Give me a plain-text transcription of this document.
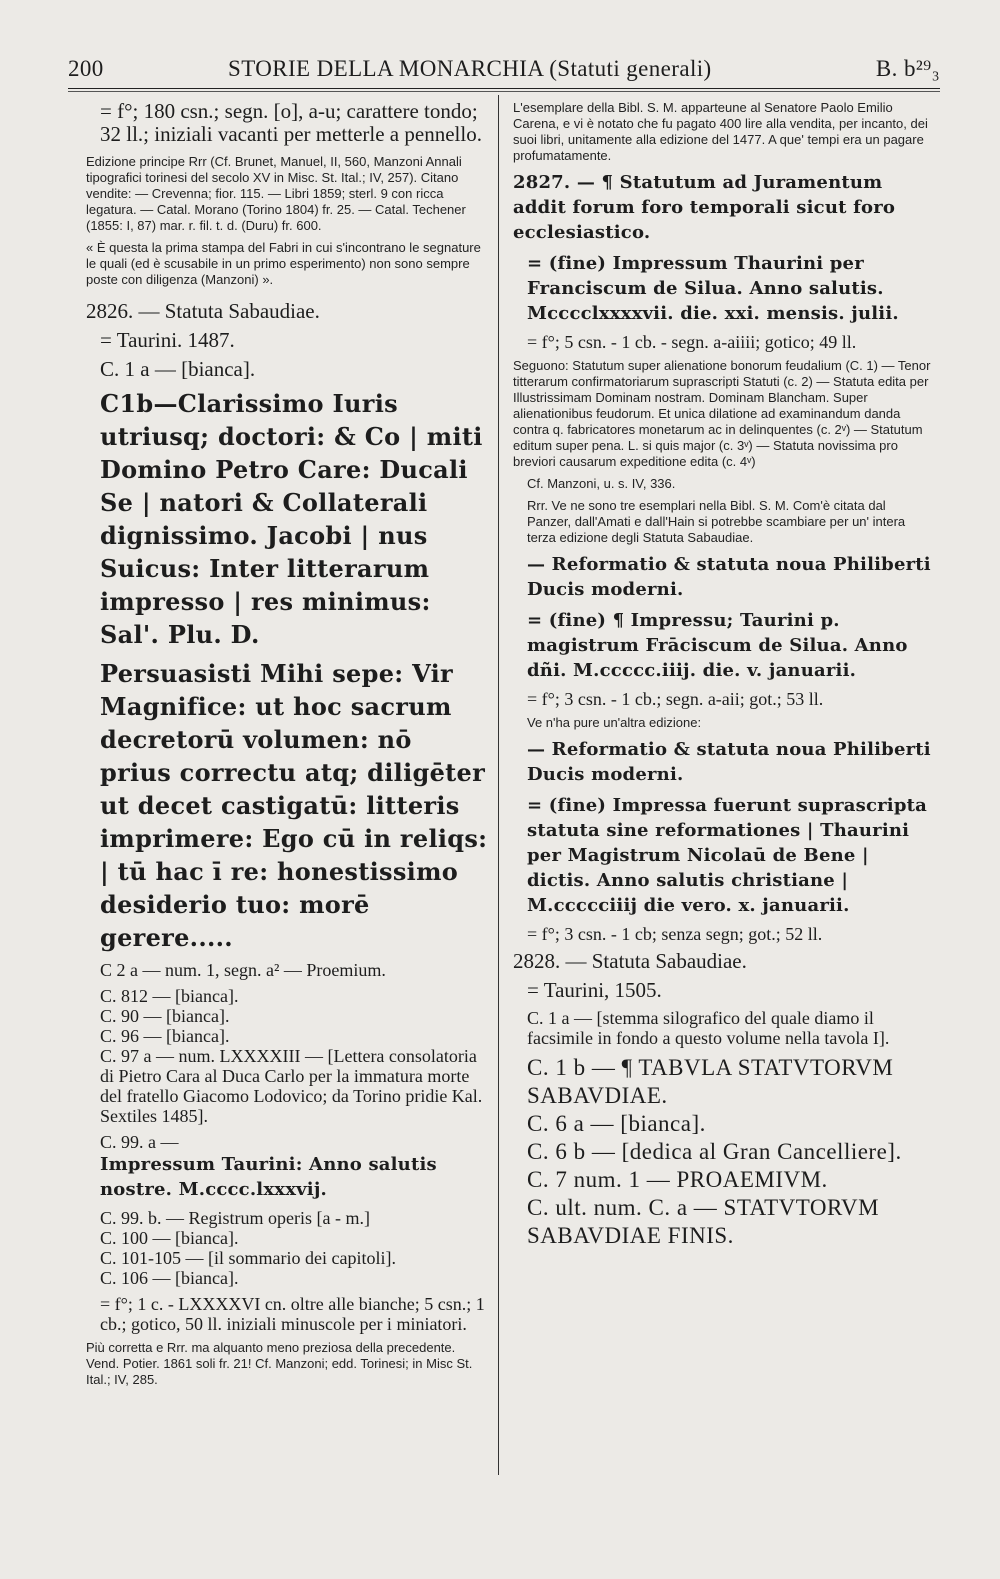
200	STORIE DELLA MONARCHIA (Statuti generali)	B. b²⁹₃

= f°; 180 csn.; segn. [o], a-u; carattere tondo; 32 ll.; iniziali vacanti per metterle a pennello.

Edizione principe Rrr (Cf. Brunet, Manuel, II, 560, Manzoni Annali tipografici torinesi del secolo XV in Misc. St. Ital.; IV, 257). Citano vendite: — Crevenna; fior. 115. — Libri 1859; sterl. 9 con ricca legatura. — Catal. Morano (Torino 1804) fr. 25. — Catal. Techener (1855: I, 87) mar. r. fil. t. d. (Duru) fr. 600.

« È questa la prima stampa del Fabri in cui s'incontrano le segnature le quali (ed è scusabile in un primo esperimento) non sono sempre poste con diligenza (Manzoni) ».

2826. — Statuta Sabaudiae.

= Taurini. 1487.

C. 1 a — [bianca].

C1b—Clarissimo Iuris utriusq; doctori: & Co | miti Domino Petro Care: Ducali Se | natori & Collaterali dignissimo. Jacobi | nus Suicus: Inter litterarum impresso | res minimus: Sal'. Plu. D.

Persuasisti Mihi sepe: Vir Magnifice: ut hoc sacrum decretorū volumen: nō prius correctu atq; diligēter ut decet castigatū: litteris imprimere: Ego cū in reliqs: | tū hac ī re: honestissimo desiderio tuo: morē gerere.....

C 2 a — num. 1, segn. a² — Proemium.

C. 812 — [bianca].

C. 90 — [bianca].

C. 96 — [bianca].

C. 97 a — num. LXXXXIII — [Lettera consolatoria di Pietro Cara al Duca Carlo per la immatura morte del fratello Giacomo Lodovico; da Torino pridie Kal. Sextiles 1485].

C. 99. a —

Impressum Taurini: Anno salutis nostre. M.cccc.lxxxvij.

C. 99. b. — Registrum operis [a - m.]

C. 100 — [bianca].

C. 101-105 — [il sommario dei capitoli].

C. 106 — [bianca].

= f°; 1 c. - LXXXXVI cn. oltre alle bianche; 5 csn.; 1 cb.; gotico, 50 ll. iniziali minuscole per i miniatori.

Più corretta e Rrr. ma alquanto meno preziosa della precedente. Vend. Potier. 1861 soli fr. 21! Cf. Manzoni; edd. Torinesi; in Misc St. Ital.; IV, 285.

L'esemplare della Bibl. S. M. apparteune al Senatore Paolo Emilio Carena, e vi è notato che fu pagato 400 lire alla vendita, per incanto, dei suoi libri, unitamente alla edizione del 1477. A que' tempi era un pagare profumatamente.

2827. — ¶ Statutum ad Juramentum addit forum foro temporali sicut foro ecclesiastico.

= (fine) Impressum Thaurini per Franciscum de Silua. Anno salutis. Mcccclxxxxvii. die. xxi. mensis. julii.

= f°; 5 csn. - 1 cb. - segn. a-aiiii; gotico; 49 ll.

Seguono: Statutum super alienatione bonorum feudalium (C. 1) — Tenor titterarum confirmatoriarum suprascripti Statuti (c. 2) — Statuta edita per Illustrissimam Dominam nostram. Dominam Blancham. Super alienationibus feudorum. Et unica dilatione ad examinandum danda contra q. fabricatores monetarum ac in delinquentes (c. 2ᵛ) — Statutum editum super pena. L. si quis major (c. 3ᵛ) — Statuta novissima pro breviori causarum expeditione edita (c. 4ᵛ)

Cf. Manzoni, u. s. IV, 336.

Rrr. Ve ne sono tre esemplari nella Bibl. S. M. Com'è citata dal Panzer, dall'Amati e dall'Hain si potrebbe scambiare per un' intera terza edizione degli Statuta Sabaudiae.

— Reformatio & statuta noua Philiberti Ducis moderni.

= (fine) ¶ Impressu; Taurini p. magistrum Frāciscum de Silua. Anno dñi. M.ccccc.iiij. die. v. januarii.

= f°; 3 csn. - 1 cb.; segn. a-aii; got.; 53 ll.

Ve n'ha pure un'altra edizione:

— Reformatio & statuta noua Philiberti Ducis moderni.

= (fine) Impressa fuerunt suprascripta statuta sine reformationes | Thaurini per Magistrum Nicolaū de Bene | dictis. Anno salutis christiane | M.ccccciiij die vero. x. januarii.

= f°; 3 csn. - 1 cb; senza segn; got.; 52 ll.

2828. — Statuta Sabaudiae.

= Taurini, 1505.

C. 1 a — [stemma silografico del quale diamo il facsimile in fondo a questo volume nella tavola I].

C. 1 b — ¶ TABVLA STATVTORVM SABAVDIAE.

C. 6 a — [bianca].

C. 6 b — [dedica al Gran Cancelliere].

C. 7 num. 1 — PROAEMIVM.

C. ult. num. C. a — STATVTORVM SABAVDIAE FINIS.
